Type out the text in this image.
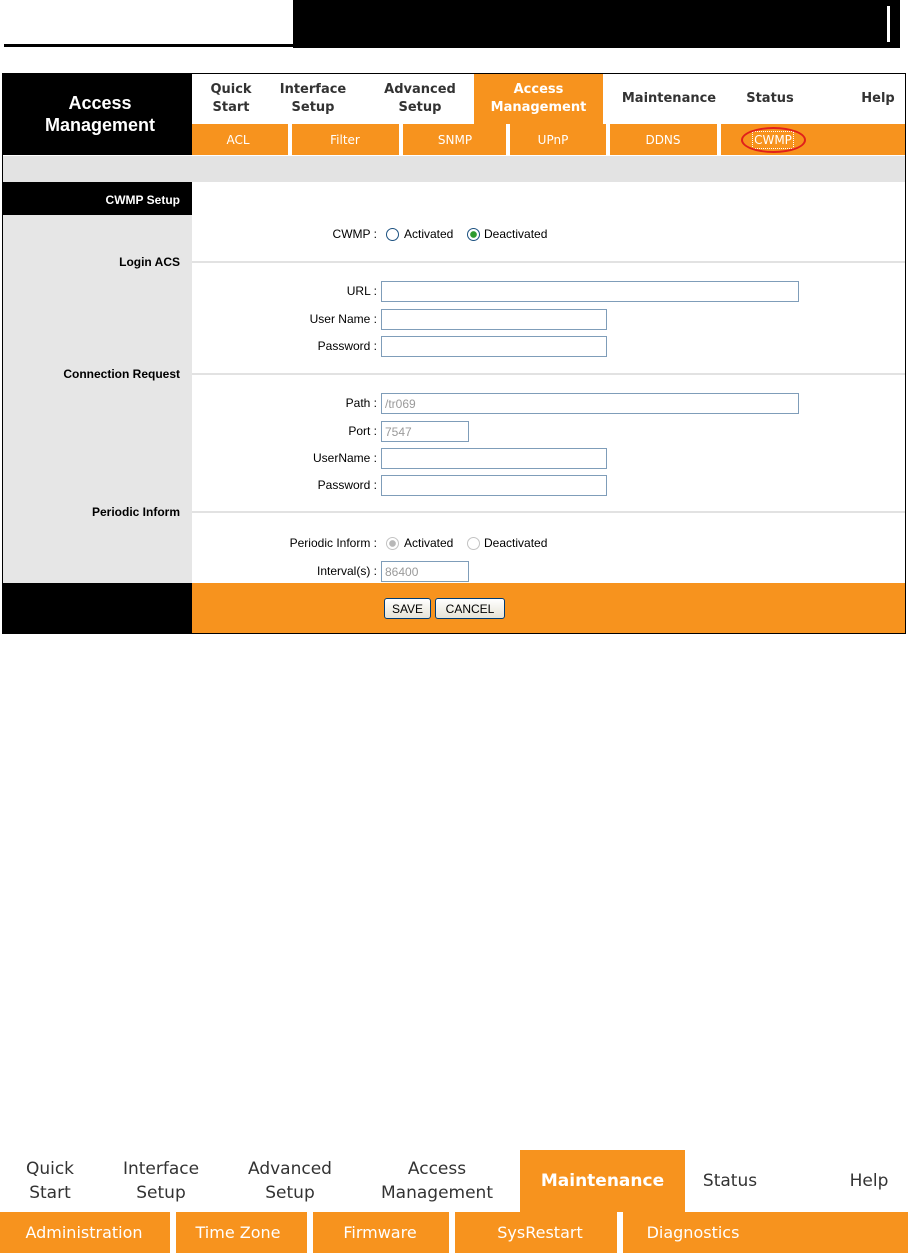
Access
Management
Quick
Start
Interface
Setup
Advanced
Setup
Access
Management
Maintenance	Status	Help
ACL	Filter	SNMP	UPnP	DDNS	CWMP
CWMP Setup
Login ACS
Connection Request
Periodic Inform
CWMP : Activated	Deactivated
URL :
User Name :
Password :
Path :
/tr069
Port :
7547
UserName :
Password :
Periodic Inform : Activated	Deactivated
Interval(s) :
86400
SAVE	CANCEL
Quick
Start
Interface
Setup
Advanced
Setup
Access
Management
Maintenance	Status	Help
Administration	Time Zone	Firmware	SysRestart	Diagnostics
